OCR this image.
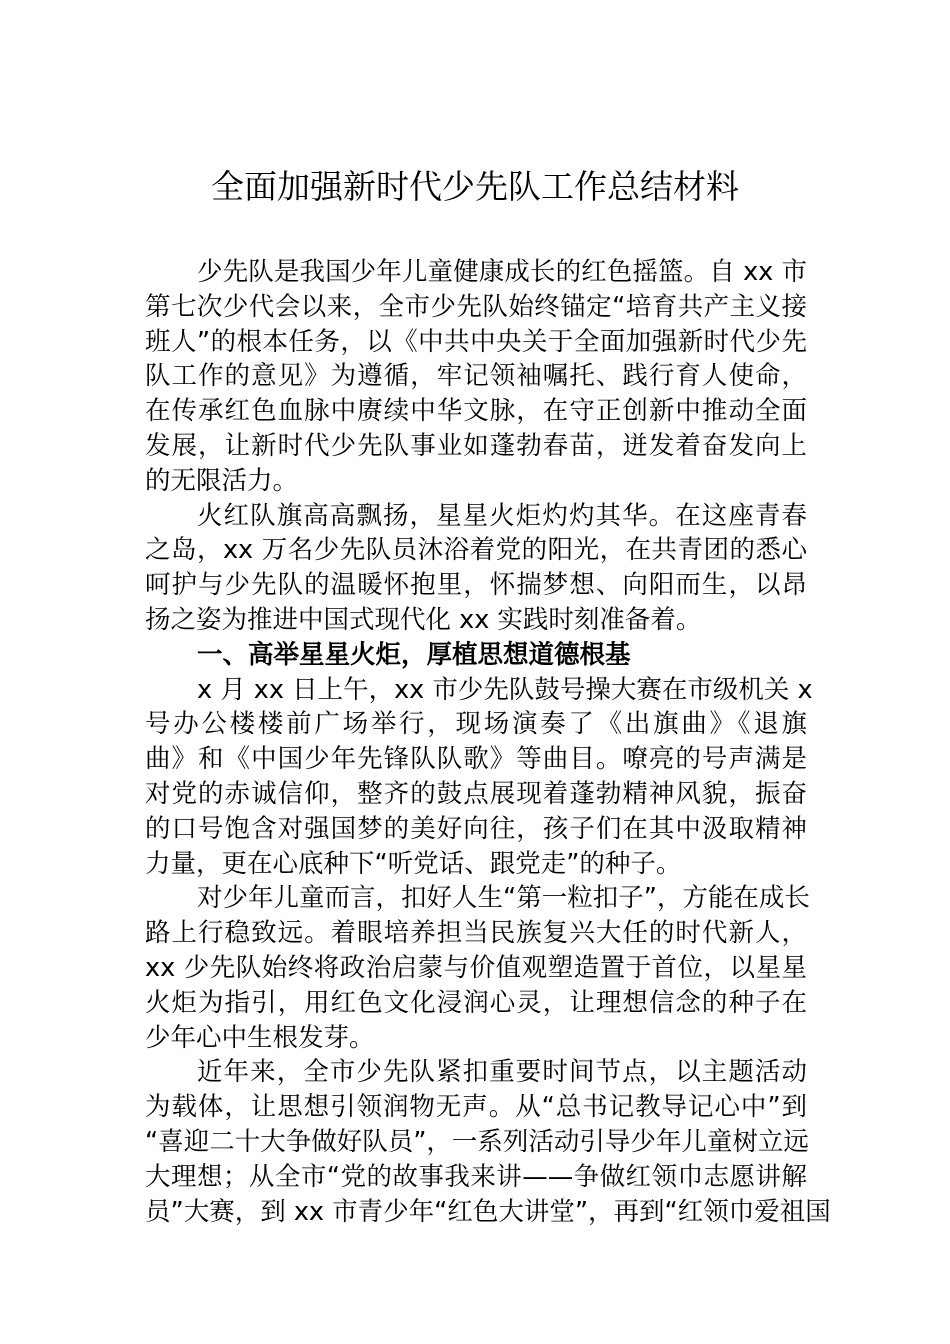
全面加强新时代少先队工作总结材料
少先队是我国少年儿童健康成长的红色摇篮。自 xx 市
第七次少代会以来，全市少先队始终锚定“培育共产主义接
班人”的根本任务，以《中共中央关于全面加强新时代少先
队工作的意见》为遵循，牢记领袖嘱托、践行育人使命，
在传承红色血脉中赓续中华文脉，在守正创新中推动全面
发展，让新时代少先队事业如蓬勃春苗，迸发着奋发向上
的无限活力。
火红队旗高高飘扬，星星火炬灼灼其华。在这座青春
之岛，xx 万名少先队员沐浴着党的阳光，在共青团的悉心
呵护与少先队的温暖怀抱里，怀揣梦想、向阳而生，以昂
扬之姿为推进中国式现代化 xx 实践时刻准备着。
一、高举星星火炬，厚植思想道德根基
x 月 xx 日上午，xx 市少先队鼓号操大赛在市级机关 x
号办公楼楼前广场举行，现场演奏了《出旗曲》《退旗
曲》和《中国少年先锋队队歌》等曲目。嘹亮的号声满是
对党的赤诚信仰，整齐的鼓点展现着蓬勃精神风貌，振奋
的口号饱含对强国梦的美好向往，孩子们在其中汲取精神
力量，更在心底种下“听党话、跟党走”的种子。
对少年儿童而言，扣好人生“第一粒扣子”，方能在成长
路上行稳致远。着眼培养担当民族复兴大任的时代新人，
xx 少先队始终将政治启蒙与价值观塑造置于首位，以星星
火炬为指引，用红色文化浸润心灵，让理想信念的种子在
少年心中生根发芽。
近年来，全市少先队紧扣重要时间节点，以主题活动
为载体，让思想引领润物无声。从“总书记教导记心中”到
“喜迎二十大争做好队员”，一系列活动引导少年儿童树立远
大理想；从全市“党的故事我来讲——争做红领巾志愿讲解
员”大赛，到 xx 市青少年“红色大讲堂”，再到“红领巾爱祖国
